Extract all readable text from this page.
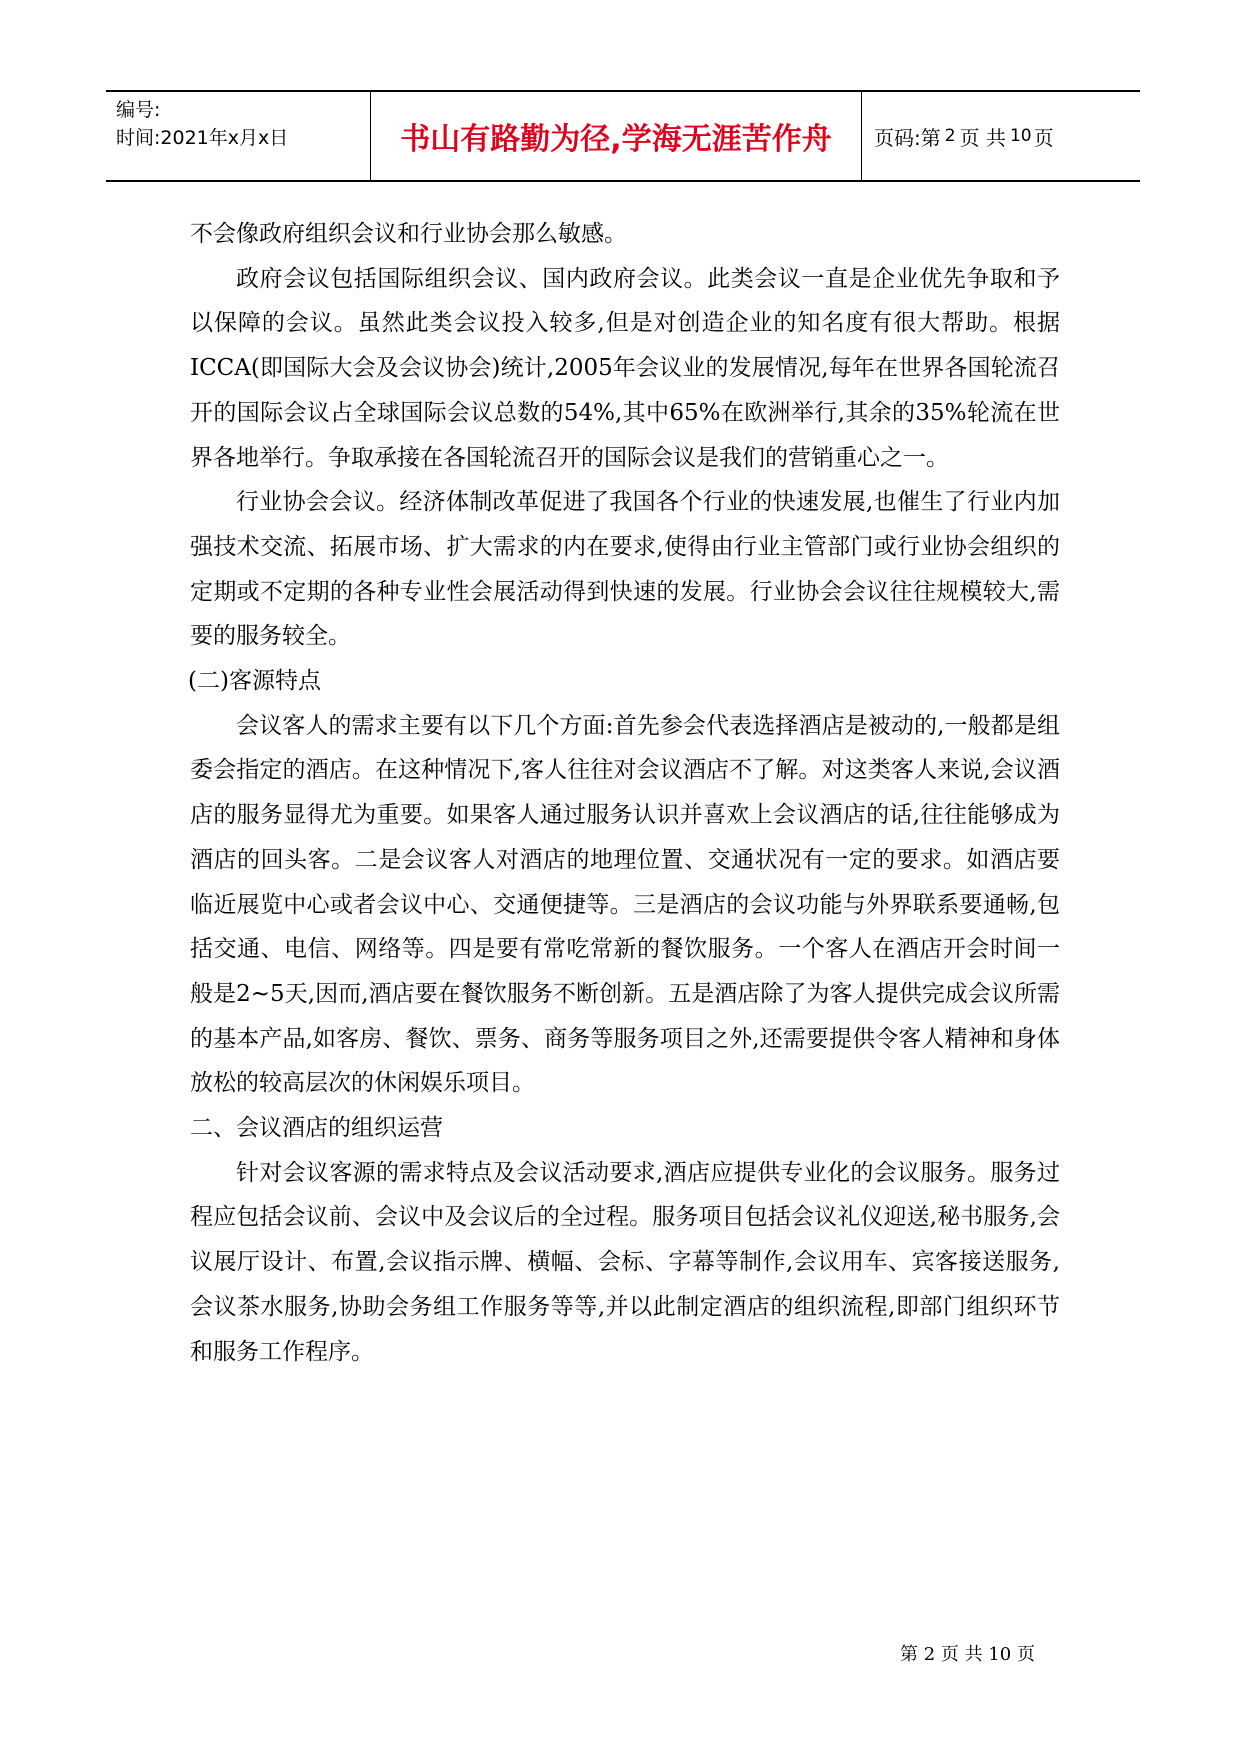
编号:
时间:2021年x月x日	书山有路勤为径,学海无涯苦作舟	页码:第 2 页 共 10 页

不会像政府组织会议和行业协会那么敏感。

政府会议包括国际组织会议、国内政府会议。此类会议一直是企业优先争取和予以保障的会议。虽然此类会议投入较多,但是对创造企业的知名度有很大帮助。根据ICCA(即国际大会及会议协会)统计,2005年会议业的发展情况,每年在世界各国轮流召开的国际会议占全球国际会议总数的54%,其中65%在欧洲举行,其余的35%轮流在世界各地举行。争取承接在各国轮流召开的国际会议是我们的营销重心之一。

行业协会会议。经济体制改革促进了我国各个行业的快速发展,也催生了行业内加强技术交流、拓展市场、扩大需求的内在要求,使得由行业主管部门或行业协会组织的定期或不定期的各种专业性会展活动得到快速的发展。行业协会会议往往规模较大,需要的服务较全。

(二)客源特点

会议客人的需求主要有以下几个方面:首先参会代表选择酒店是被动的,一般都是组委会指定的酒店。在这种情况下,客人往往对会议酒店不了解。对这类客人来说,会议酒店的服务显得尤为重要。如果客人通过服务认识并喜欢上会议酒店的话,往往能够成为酒店的回头客。二是会议客人对酒店的地理位置、交通状况有一定的要求。如酒店要临近展览中心或者会议中心、交通便捷等。三是酒店的会议功能与外界联系要通畅,包括交通、电信、网络等。四是要有常吃常新的餐饮服务。一个客人在酒店开会时间一般是2~5天,因而,酒店要在餐饮服务不断创新。五是酒店除了为客人提供完成会议所需的基本产品,如客房、餐饮、票务、商务等服务项目之外,还需要提供令客人精神和身体放松的较高层次的休闲娱乐项目。

二、会议酒店的组织运营

针对会议客源的需求特点及会议活动要求,酒店应提供专业化的会议服务。服务过程应包括会议前、会议中及会议后的全过程。服务项目包括会议礼仪迎送,秘书服务,会议展厅设计、布置,会议指示牌、横幅、会标、字幕等制作,会议用车、宾客接送服务,会议茶水服务,协助会务组工作服务等等,并以此制定酒店的组织流程,即部门组织环节和服务工作程序。

第 2 页 共 10 页
